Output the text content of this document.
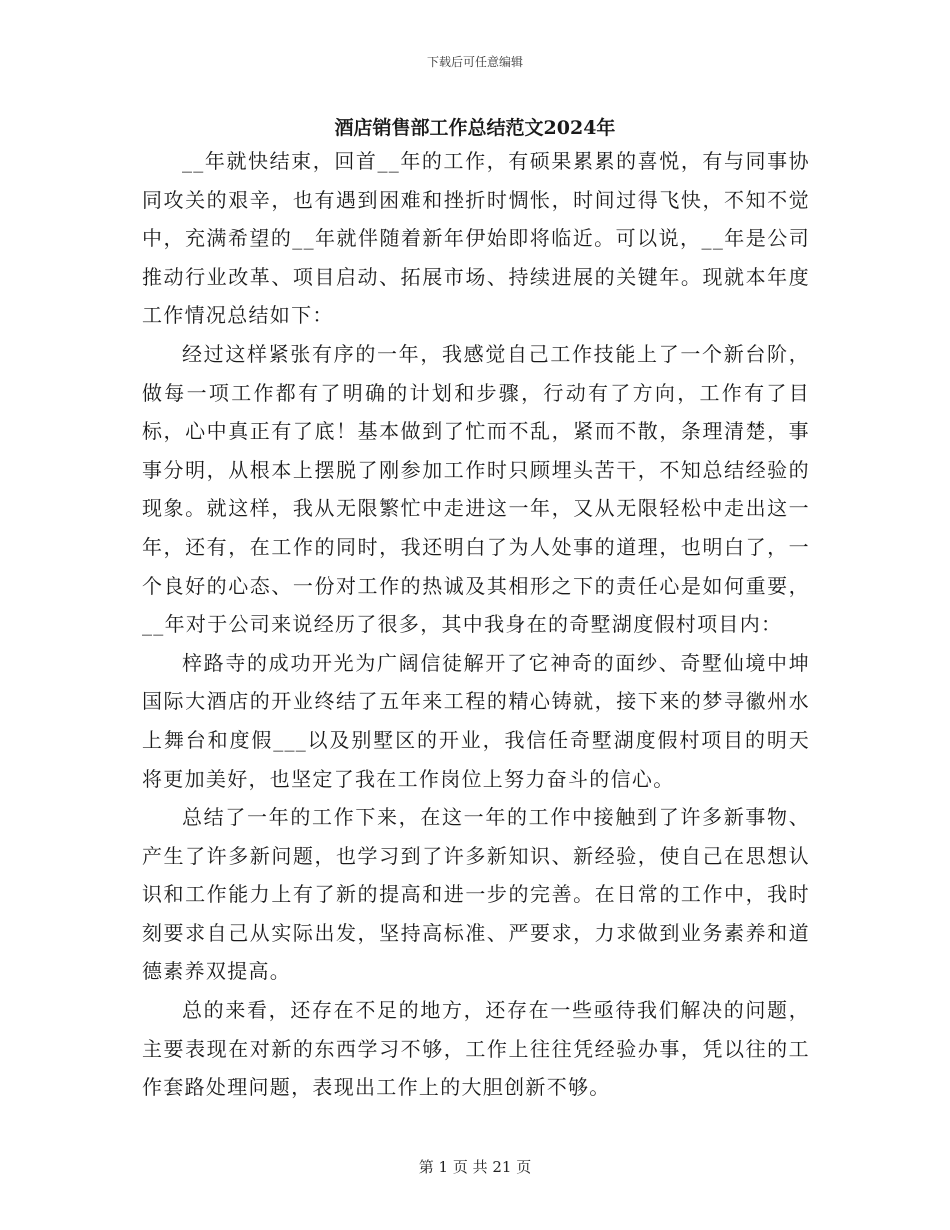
下载后可任意编辑
酒店销售部工作总结范文2024年

__年就快结束，回首__年的工作，有硕果累累的喜悦，有与同事协同攻关的艰辛，也有遇到困难和挫折时惆怅，时间过得飞快，不知不觉中，充满希望的__年就伴随着新年伊始即将临近。可以说，__年是公司推动行业改革、项目启动、拓展市场、持续进展的关键年。现就本年度工作情况总结如下：

经过这样紧张有序的一年，我感觉自己工作技能上了一个新台阶，做每一项工作都有了明确的计划和步骤，行动有了方向，工作有了目标，心中真正有了底！基本做到了忙而不乱，紧而不散，条理清楚，事事分明，从根本上摆脱了刚参加工作时只顾埋头苦干，不知总结经验的现象。就这样，我从无限繁忙中走进这一年，又从无限轻松中走出这一年，还有，在工作的同时，我还明白了为人处事的道理，也明白了，一个良好的心态、一份对工作的热诚及其相形之下的责任心是如何重要，__年对于公司来说经历了很多，其中我身在的奇墅湖度假村项目内：

梓路寺的成功开光为广阔信徒解开了它神奇的面纱、奇墅仙境中坤国际大酒店的开业终结了五年来工程的精心铸就，接下来的梦寻徽州水上舞台和度假___以及别墅区的开业，我信任奇墅湖度假村项目的明天将更加美好，也坚定了我在工作岗位上努力奋斗的信心。

总结了一年的工作下来，在这一年的工作中接触到了许多新事物、产生了许多新问题，也学习到了许多新知识、新经验，使自己在思想认识和工作能力上有了新的提高和进一步的完善。在日常的工作中，我时刻要求自己从实际出发，坚持高标准、严要求，力求做到业务素养和道德素养双提高。

总的来看，还存在不足的地方，还存在一些亟待我们解决的问题，主要表现在对新的东西学习不够，工作上往往凭经验办事，凭以往的工作套路处理问题，表现出工作上的大胆创新不够。

第 1 页 共 21 页
